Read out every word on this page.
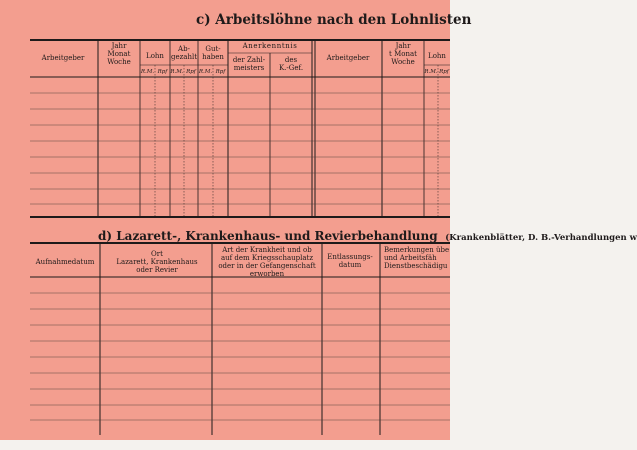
c) Arbeitslöhne nach den Lohnlisten
Arbeitgeber
Jahr
Monat
Woche
Lohn
Ab-
gezahlt
Gut-
haben
Anerkenntnis
der Zahl-
meisters
des
K.-Gef.
Arbeitgeber
Jahr
t Monat
Woche
Lohn
R.M. Rpf R.M. Rpf R.M. Rpf	R.M. Rpf
d) Lazarett-, Krankenhaus- und Revierbehandlung (Krankenblätter, D. B.-Verhandlungen w
Aufnahmedatum
Ort
Lazarett, Krankenhaus
oder Revier
Art der Krankheit und ob
auf dem Kriegsschauplatz
oder in der Gefangenschaft
erworben
Entlassungs-
datum
Bemerkungen übe
und Arbeitsfäh
Dienstbeschädigu
